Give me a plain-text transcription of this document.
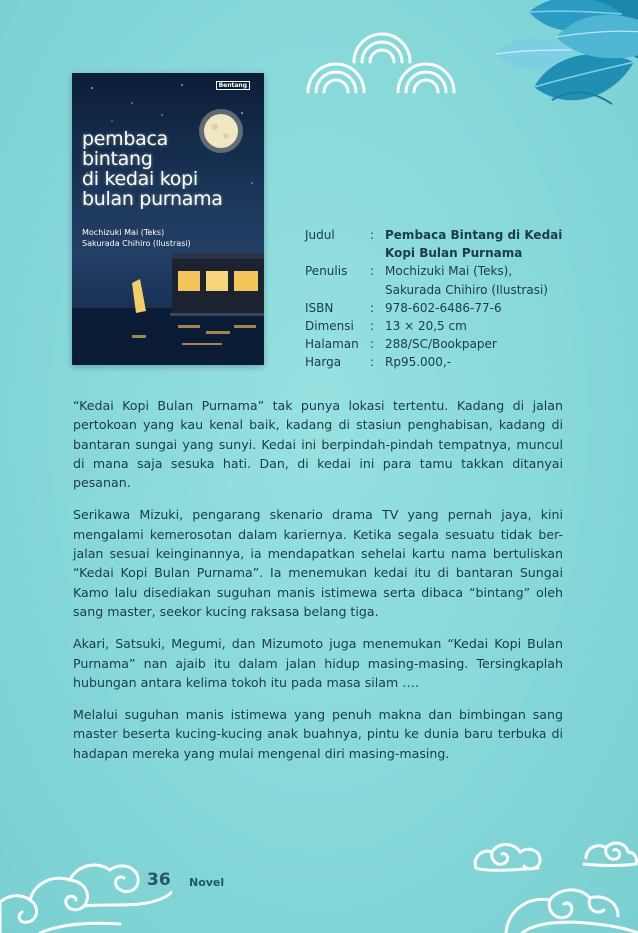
Bentang
pembaca
bintang
di kedai kopi
bulan purnama
Mochizuki Mai (Teks)
Sakurada Chihiro (Ilustrasi)
Judul	: Pembaca Bintang di Kedai
Kopi Bulan Purnama
Penulis	: Mochizuki Mai (Teks),
Sakurada Chihiro (Ilustrasi)
ISBN	: 978-602-6486-77-6
Dimensi	: 13 × 20,5 cm
Halaman : 288/SC/Bookpaper
Harga	: Rp95.000,-

“Kedai Kopi Bulan Purnama” tak punya lokasi tertentu. Kadang di jalan pertokoan yang kau kenal baik, kadang di stasiun penghabisan, kadang di bantaran sungai yang sunyi. Kedai ini berpindah-pindah tempatnya, muncul di mana saja sesuka hati. Dan, di kedai ini para tamu takkan ditanyai pesanan.

Serikawa Mizuki, pengarang skenario drama TV yang pernah jaya, kini mengalami kemerosotan dalam kariernya. Ketika segala sesuatu tidak ber-jalan sesuai keinginannya, ia mendapatkan sehelai kartu nama bertuliskan “Kedai Kopi Bulan Purnama”. Ia menemukan kedai itu di bantaran Sungai Kamo lalu disediakan suguhan manis istimewa serta dibaca “bintang” oleh sang master, seekor kucing raksasa belang tiga.

Akari, Satsuki, Megumi, dan Mizumoto juga menemukan “Kedai Kopi Bulan Purnama” nan ajaib itu dalam jalan hidup masing-masing. Tersingkaplah hubungan antara kelima tokoh itu pada masa silam ….

Melalui suguhan manis istimewa yang penuh makna dan bimbingan sang master beserta kucing-kucing anak buahnya, pintu ke dunia baru terbuka di hadapan mereka yang mulai mengenal diri masing-masing.

36 Novel
